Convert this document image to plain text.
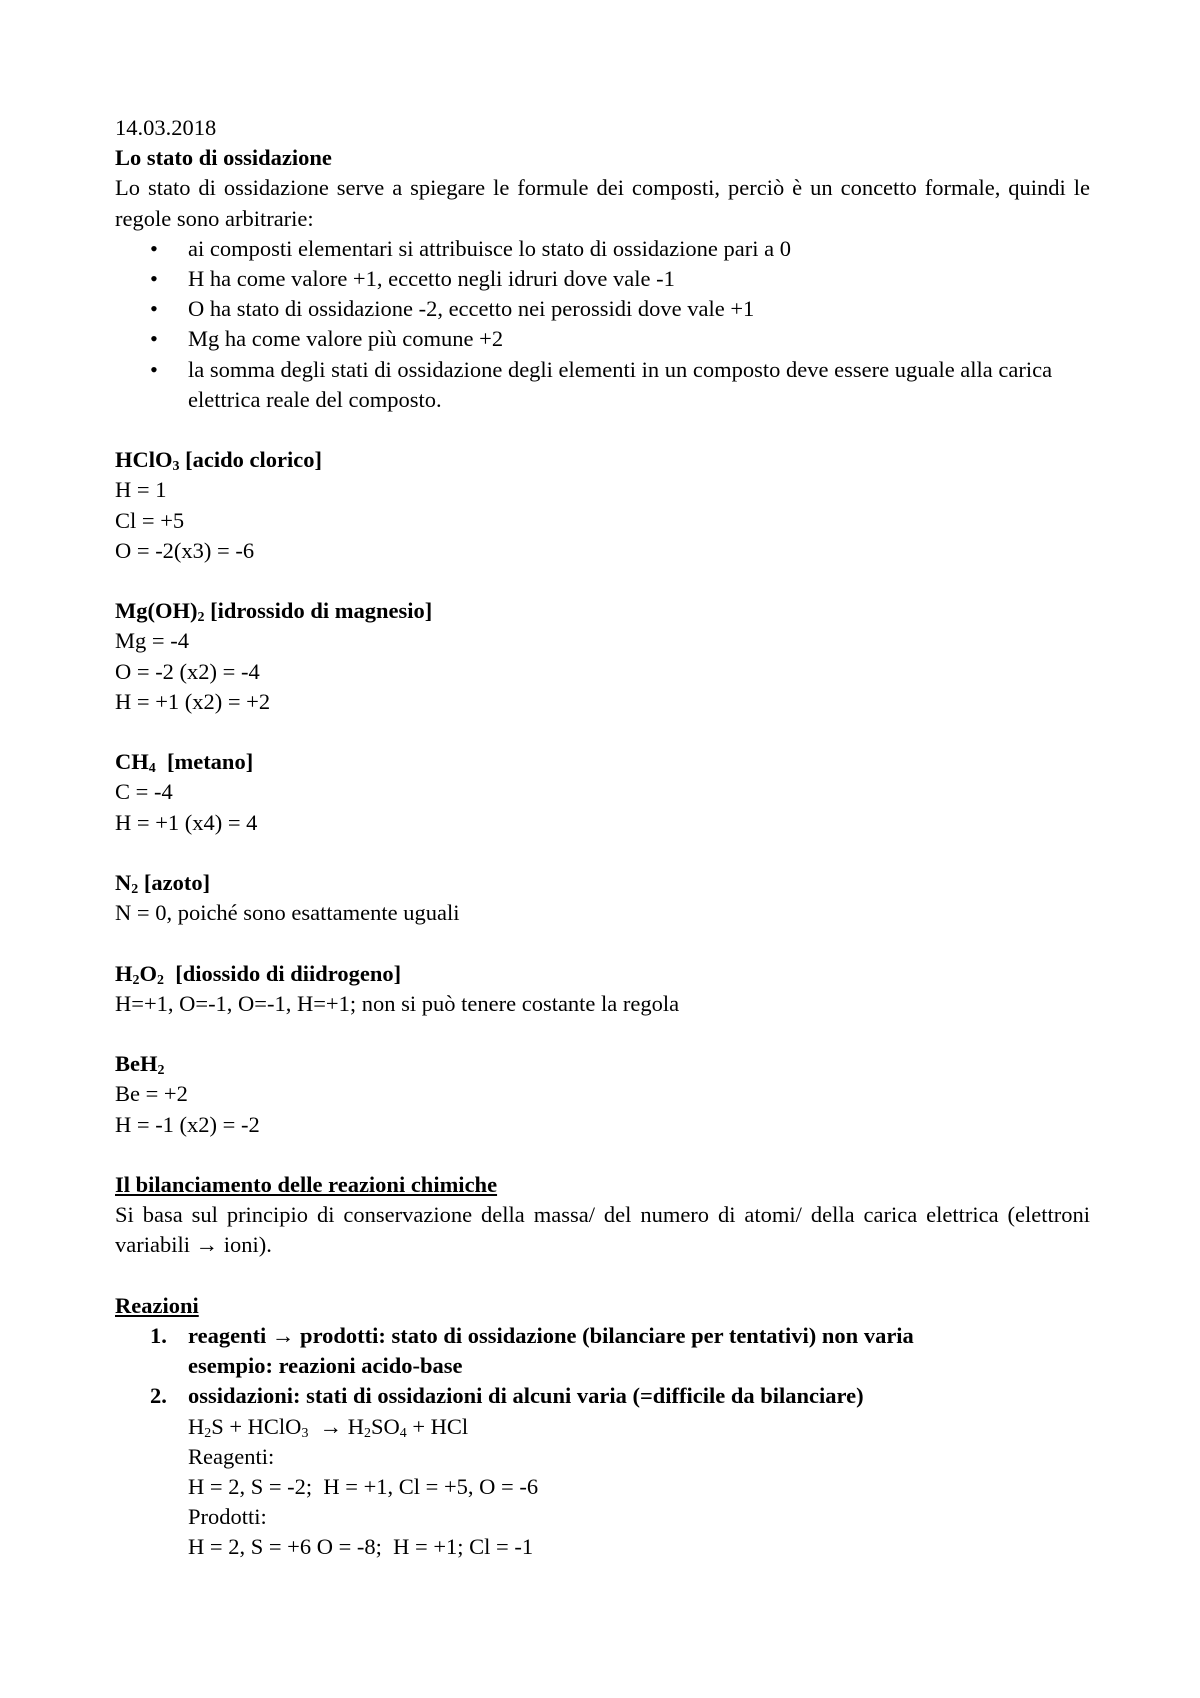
14.03.2018
Lo stato di ossidazione
Lo stato di ossidazione serve a spiegare le formule dei composti, perciò è un concetto formale, quindi le regole sono arbitrarie:
• ai composti elementari si attribuisce lo stato di ossidazione pari a 0
• H ha come valore +1, eccetto negli idruri dove vale -1
• O ha stato di ossidazione -2, eccetto nei perossidi dove vale +1
• Mg ha come valore più comune +2
• la somma degli stati di ossidazione degli elementi in un composto deve essere uguale alla carica elettrica reale del composto.
HClO$_3$ [acido clorico]
H = 1
Cl = +5
O = -2(x3) = -6
$Mg(OH)_2$ [idrossido di magnesio]
Mg = -4
O = -2 (x2) = -4
H = +1 (x2) = +2
$CH_4$  [metano]
C = -4
H = +1 (x4) = 4
$N_2$ [azoto]
N = 0, poiché sono esattamente uguali
$H_2O_2$  [diossido di diidrogeno]
H=+1, O=-1, O=-1, H=+1; non si può tenere costante la regola
BeH$_2$
Be = +2
H = -1 (x2) = -2
Il bilanciamento delle reazioni chimiche
Si basa sul principio di conservazione della massa/ del numero di atomi/ della carica elettrica (elettroni variabili → ioni).
Reazioni
1. reagenti → prodotti: stato di ossidazione (bilanciare per tentativi) non varia
esempio: reazioni acido-base
2. ossidazioni: stati di ossidazioni di alcuni varia (=difficile da bilanciare)
$H_2S$ + HClO$_3$  → $H_2SO_4$ + HCl
Reagenti:
H = 2, S = -2;  H = +1, Cl = +5, O = -6
Prodotti:
H = 2, S = +6 O = -8;  H = +1; Cl = -1
